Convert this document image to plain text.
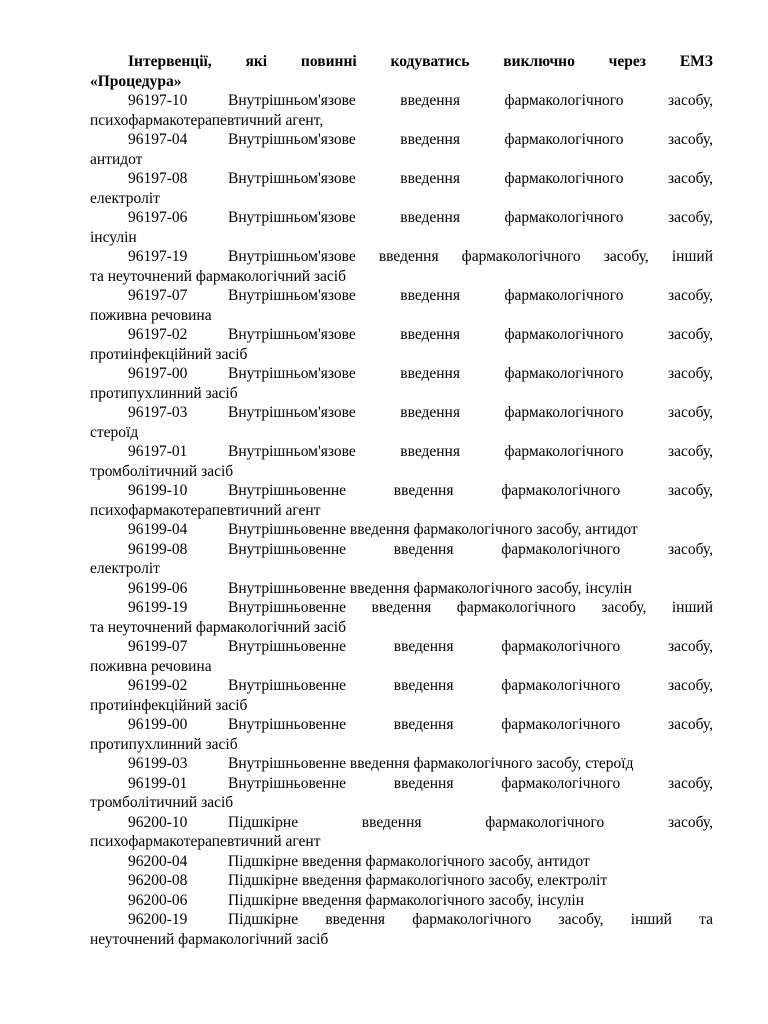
Інтервенції, які повинні кодуватись виключно через ЕМЗ
«Процедура»
96197-10	Внутрішньом'язове введення фармакологічного засобу,
психофармакотерапевтичний агент,
96197-04	Внутрішньом'язове введення фармакологічного засобу,
антидот
96197-08	Внутрішньом'язове введення фармакологічного засобу,
електроліт
96197-06	Внутрішньом'язове введення фармакологічного засобу,
інсулін
96197-19	Внутрішньом'язове введення фармакологічного засобу, інший
та неуточнений фармакологічний засіб
96197-07	Внутрішньом'язове введення фармакологічного засобу,
поживна речовина
96197-02	Внутрішньом'язове введення фармакологічного засобу,
протиінфекційний засіб
96197-00	Внутрішньом'язове введення фармакологічного засобу,
протипухлинний засіб
96197-03	Внутрішньом'язове введення фармакологічного засобу,
стероїд
96197-01	Внутрішньом'язове введення фармакологічного засобу,
тромболітичний засіб
96199-10	Внутрішньовенне введення фармакологічного засобу,
психофармакотерапевтичний агент
96199-04	Внутрішньовенне введення фармакологічного засобу, антидот
96199-08	Внутрішньовенне введення фармакологічного засобу,
електроліт
96199-06	Внутрішньовенне введення фармакологічного засобу, інсулін
96199-19	Внутрішньовенне введення фармакологічного засобу, інший
та неуточнений фармакологічний засіб
96199-07	Внутрішньовенне введення фармакологічного засобу,
поживна речовина
96199-02	Внутрішньовенне введення фармакологічного засобу,
протиінфекційний засіб
96199-00	Внутрішньовенне введення фармакологічного засобу,
протипухлинний засіб
96199-03	Внутрішньовенне введення фармакологічного засобу, стероїд
96199-01	Внутрішньовенне введення фармакологічного засобу,
тромболітичний засіб
96200-10	Підшкірне введення фармакологічного засобу,
психофармакотерапевтичний агент
96200-04	Підшкірне введення фармакологічного засобу, антидот
96200-08	Підшкірне введення фармакологічного засобу, електроліт
96200-06	Підшкірне введення фармакологічного засобу, інсулін
96200-19	Підшкірне введення фармакологічного засобу, інший та
неуточнений фармакологічний засіб
